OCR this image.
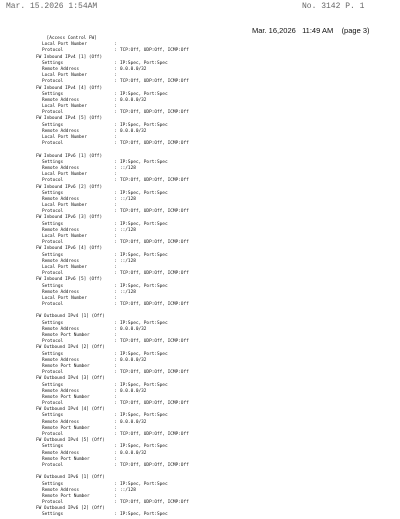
Mar. 15.2026 1:54AM	No. 3142 P. 1
Mar. 16,2026 11:49 AM (page 3)

[Access Control FW]

Local Port Number	:
Protocol	: TCP:Off, UDP:Off, ICMP:Off
FW Inbound IPv4 [1] (Off)
Settings	: IP:Spec, Port:Spec
Remote Address	: 0.0.0.0/32
Local Port Number	:
Protocol	: TCP:Off, UDP:Off, ICMP:Off
FW Inbound IPv4 [4] (Off)
Settings	: IP:Spec, Port:Spec
Remote Address	: 0.0.0.0/32
Local Port Number	:
Protocol	: TCP:Off, UDP:Off, ICMP:Off
FW Inbound IPv4 [5] (Off)
Settings	: IP:Spec, Port:Spec
Remote Address	: 0.0.0.0/32
Local Port Number	:
Protocol	: TCP:Off, UDP:Off, ICMP:Off
FW Inbound IPv6 [1] (Off)
Settings	: IP:Spec, Port:Spec
Remote Address	: ::/128
Local Port Number	:
Protocol	: TCP:Off, UDP:Off, ICMP:Off
FW Inbound IPv6 [2] (Off)
Settings	: IP:Spec, Port:Spec
Remote Address	: ::/128
Local Port Number	:
Protocol	: TCP:Off, UDP:Off, ICMP:Off
FW Inbound IPv6 [3] (Off)
Settings	: IP:Spec, Port:Spec
Remote Address	: ::/128
Local Port Number	:
Protocol	: TCP:Off, UDP:Off, ICMP:Off
FW Inbound IPv6 [4] (Off)
Settings	: IP:Spec, Port:Spec
Remote Address	: ::/128
Local Port Number	:
Protocol	: TCP:Off, UDP:Off, ICMP:Off
FW Inbound IPv6 [5] (Off)
Settings	: IP:Spec, Port:Spec
Remote Address	: ::/128
Local Port Number	:
Protocol	: TCP:Off, UDP:Off, ICMP:Off
FW Outbound IPv4 [1] (Off)
Settings	: IP:Spec, Port:Spec
Remote Address	: 0.0.0.0/32
Remote Port Number	:
Protocol	: TCP:Off, UDP:Off, ICMP:Off
FW Outbound IPv4 [2] (Off)
Settings	: IP:Spec, Port:Spec
Remote Address	: 0.0.0.0/32
Remote Port Number	:
Protocol	: TCP:Off, UDP:Off, ICMP:Off
FW Outbound IPv4 [3] (Off)
Settings	: IP:Spec, Port:Spec
Remote Address	: 0.0.0.0/32
Remote Port Number	:
Protocol	: TCP:Off, UDP:Off, ICMP:Off
FW Outbound IPv4 [4] (Off)
Settings	: IP:Spec, Port:Spec
Remote Address	: 0.0.0.0/32
Remote Port Number	:
Protocol	: TCP:Off, UDP:Off, ICMP:Off
FW Outbound IPv4 [5] (Off)
Settings	: IP:Spec, Port:Spec
Remote Address	: 0.0.0.0/32
Remote Port Number	:
Protocol	: TCP:Off, UDP:Off, ICMP:Off
FW Outbound IPv6 [1] (Off)
Settings	: IP:Spec, Port:Spec
Remote Address	: ::/128
Remote Port Number	:
Protocol	: TCP:Off, UDP:Off, ICMP:Off
FW Outbound IPv6 [2] (Off)
Settings	: IP:Spec, Port:Spec
